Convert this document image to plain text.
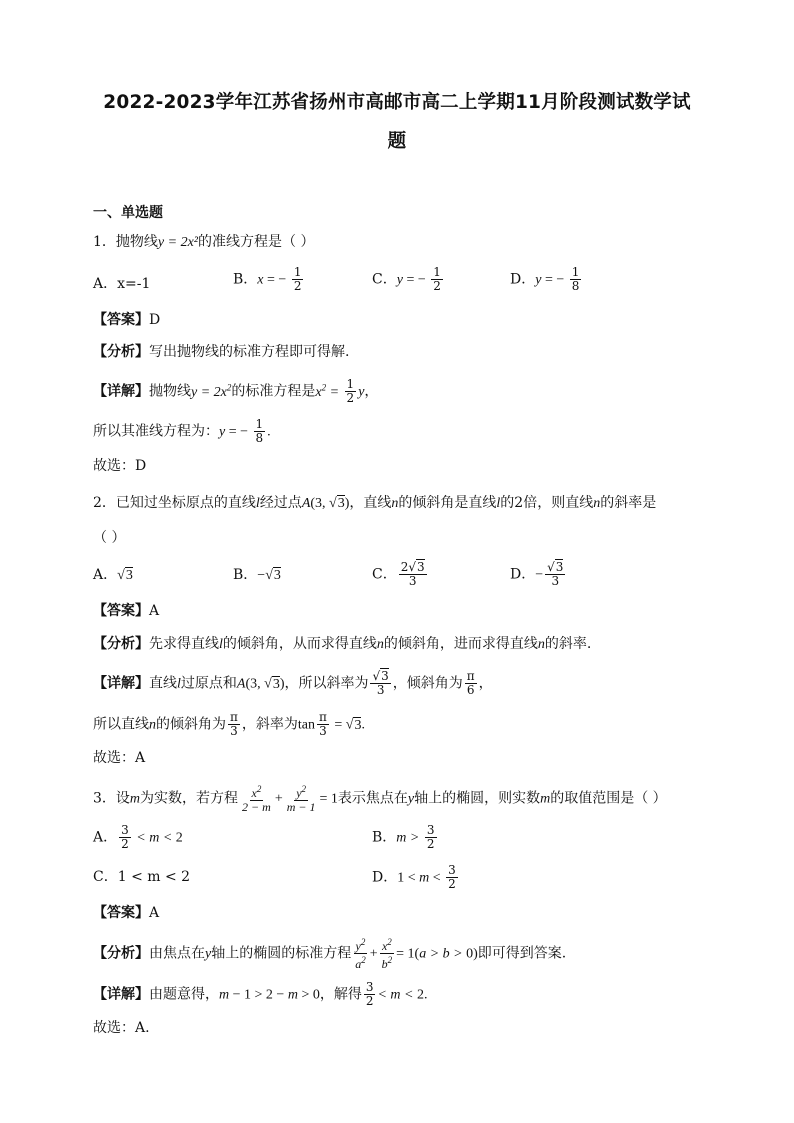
2022-2023学年江苏省扬州市高邮市高二上学期11月阶段测试数学试
题
一、单选题
1．抛物线y = 2x²的准线方程是（ ）
A．x=-1	B．x = − $\frac{1}{2}$	C．y = − $\frac{1}{2}$	D．y = − $\frac{1}{8}$
【答案】D
【分析】写出抛物线的标准方程即可得解.
【详解】抛物线$y = 2x^2$的标准方程是$x^2 = \frac{1}{2}$ y，
所以其准线方程为：y = − $\frac{1}{8}$ .
故选：D
2．已知过坐标原点的直线l经过点A(3, √3)，直线n的倾斜角是直线l的2倍，则直线n的斜率是
（ ）
A．√3	B．−√3	C． $\frac{2√3}{3}$	D．− $\frac{√3}{3}$
【答案】A
【分析】先求得直线l的倾斜角，从而求得直线n的倾斜角，进而求得直线n的斜率.
【详解】直线l过原点和A(3, √3)，所以斜率为 $\frac{√3}{3}$ ，倾斜角为 $\frac{\pi}{6}$ ，
所以直线n的倾斜角为 $\frac{\pi}{3}$ ，斜率为$\tan \frac{\pi}{3} = √3$.
故选：A
3．设m为实数，若方程 $\frac{x^2}{2 - m} + \frac{y^2}{m - 1} = 1$表示焦点在y轴上的椭圆，则实数m的取值范围是（ ）
A． $\frac{3}{2} < m < 2$	B．$m > \frac{3}{2}$
C．1 < m < 2	D．$1 < m < \frac{3}{2}$
【答案】A
【分析】由焦点在y轴上的椭圆的标准方程 $\frac{y^2}{a^2} + \frac{x^2}{b^2} = 1(a > b > 0)$即可得到答案.
【详解】由题意得，m − 1 > 2 − m > 0，解得 $\frac{3}{2} < m < 2$.
故选：A.
